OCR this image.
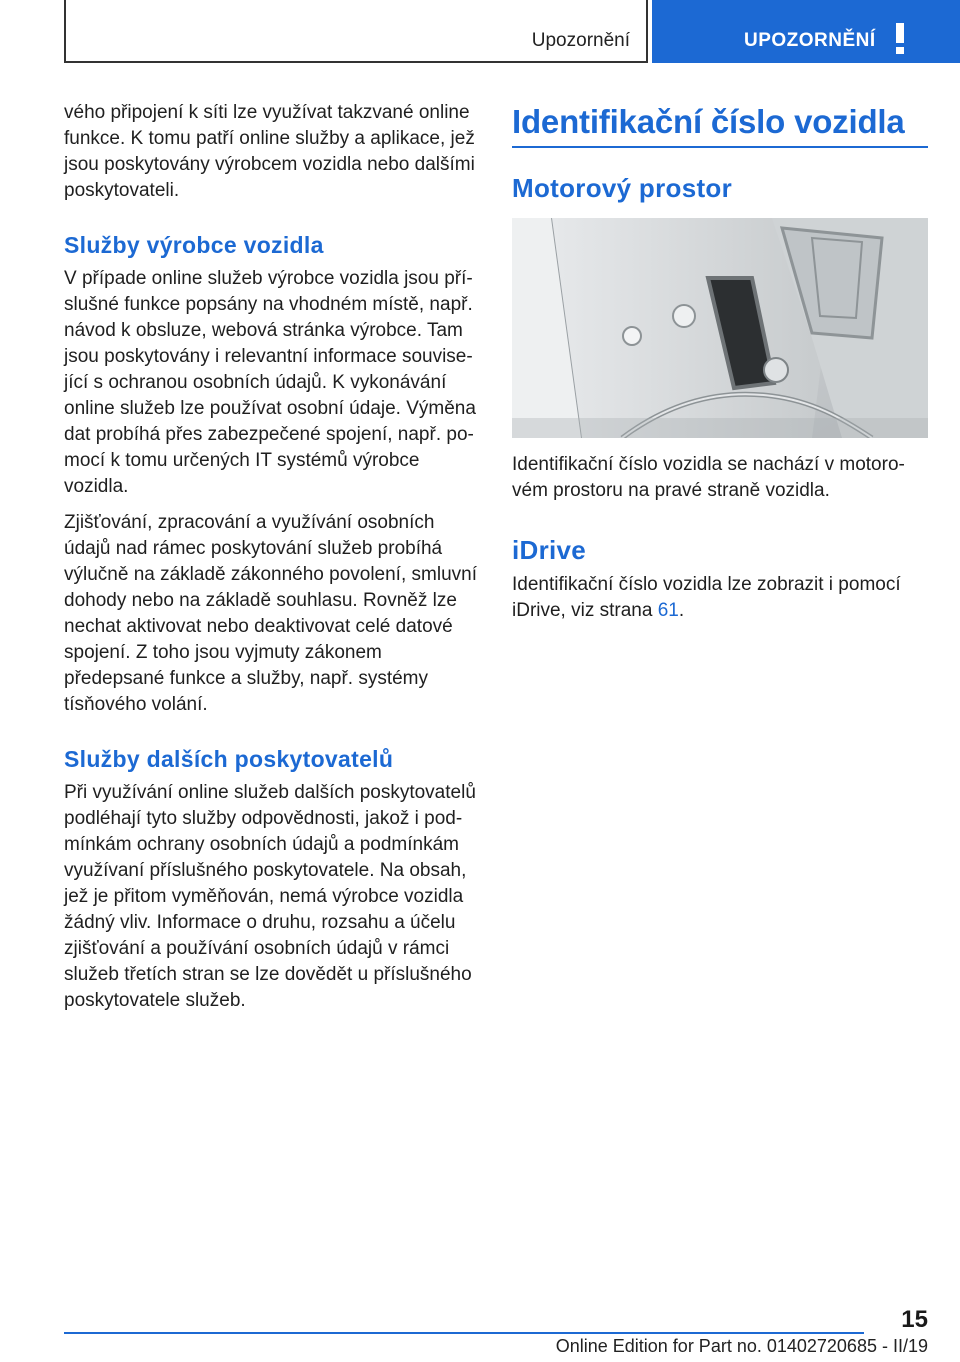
Upozornění	UPOZORNĚNÍ

vého připojení k síti lze využívat takzvané online funkce. K tomu patří online služby a aplikace, jež jsou poskytovány výrobcem vozidla nebo dalšími poskytovateli.

Služby výrobce vozidla

V případe online služeb výrobce vozidla jsou příslušné funkce popsány na vhodném místě, např. návod k obsluze, webová stránka výrobce. Tam jsou poskytovány i relevantní informace související s ochranou osobních údajů. K vykonávání online služeb lze používat osobní údaje. Výměna dat probíhá přes zabezpečené spojení, např. pomocí k tomu určených IT systémů výrobce vozidla.

Zjišťování, zpracování a využívání osobních údajů nad rámec poskytování služeb probíhá výlučně na základě zákonného povolení, smluvní dohody nebo na základě souhlasu. Rovněž lze nechat aktivovat nebo deaktivovat celé datové spojení. Z toho jsou vyjmuty zákonem předepsané funkce a služby, např. systémy tísňového volání.

Služby dalších poskytovatelů

Při využívání online služeb dalších poskytovatelů podléhají tyto služby odpovědnosti, jakož i podmínkám ochrany osobních údajů a podmínkám využívaní příslušného poskytovatele. Na obsah, jež je přitom vyměňován, nemá výrobce vozidla žádný vliv. Informace o druhu, rozsahu a účelu zjišťování a používání osobních údajů v rámci služeb třetích stran se lze dovědět u příslušného poskytovatele služeb.

Identifikační číslo vozidla
Motorový prostor

Identifikační číslo vozidla se nachází v motorovém prostoru na pravé straně vozidla.

iDrive

Identifikační číslo vozidla lze zobrazit i pomocí iDrive, viz strana 61.

15
Online Edition for Part no. 01402720685 - II/19
